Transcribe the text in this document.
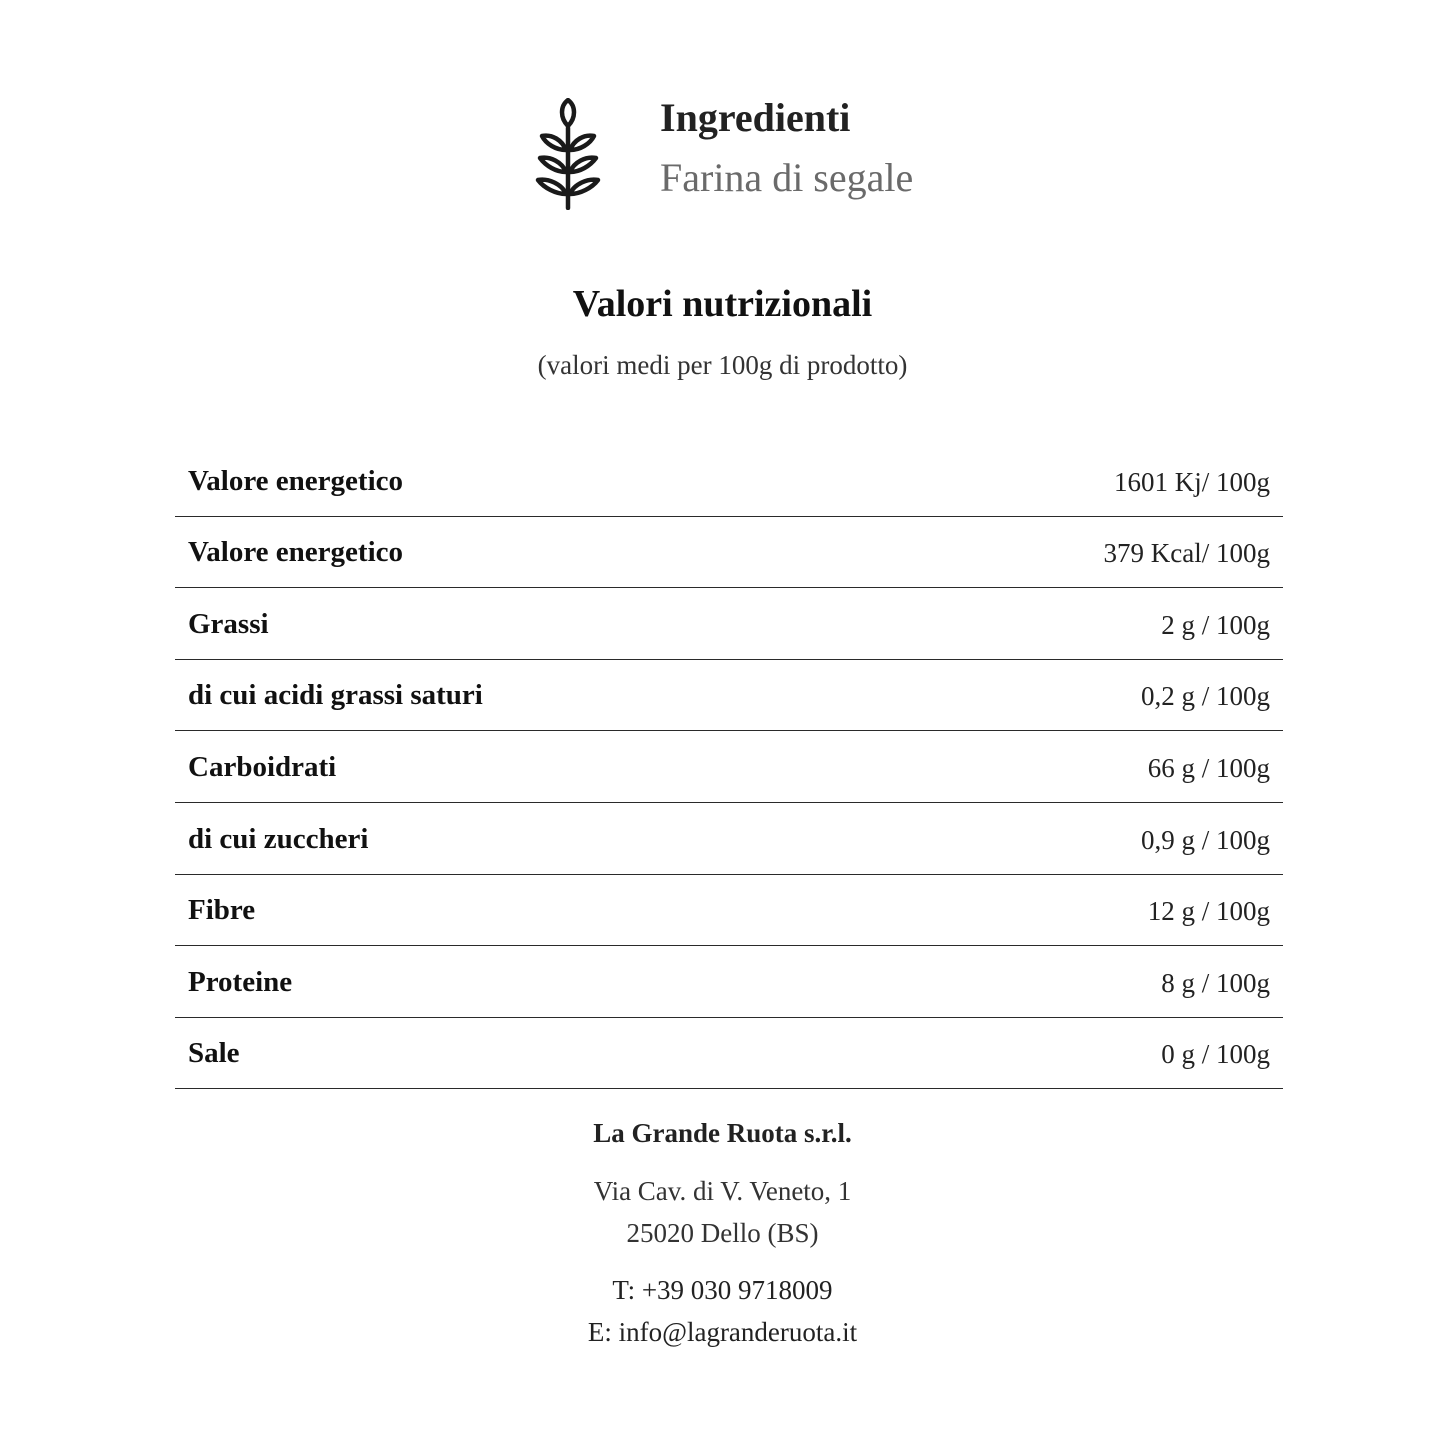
Ingredienti
Farina di segale
Valori nutrizionali
(valori medi per 100g di prodotto)
Valore energetico	1601 Kj/ 100g
Valore energetico	379 Kcal/ 100g
Grassi	2 g / 100g
di cui acidi grassi saturi	0,2 g / 100g
Carboidrati	66 g / 100g
di cui zuccheri	0,9 g / 100g
Fibre	12 g / 100g
Proteine	8 g / 100g
Sale	0 g / 100g
La Grande Ruota s.r.l.
Via Cav. di V. Veneto, 1
25020 Dello (BS)
T: +39 030 9718009
E: info@lagranderuota.it
